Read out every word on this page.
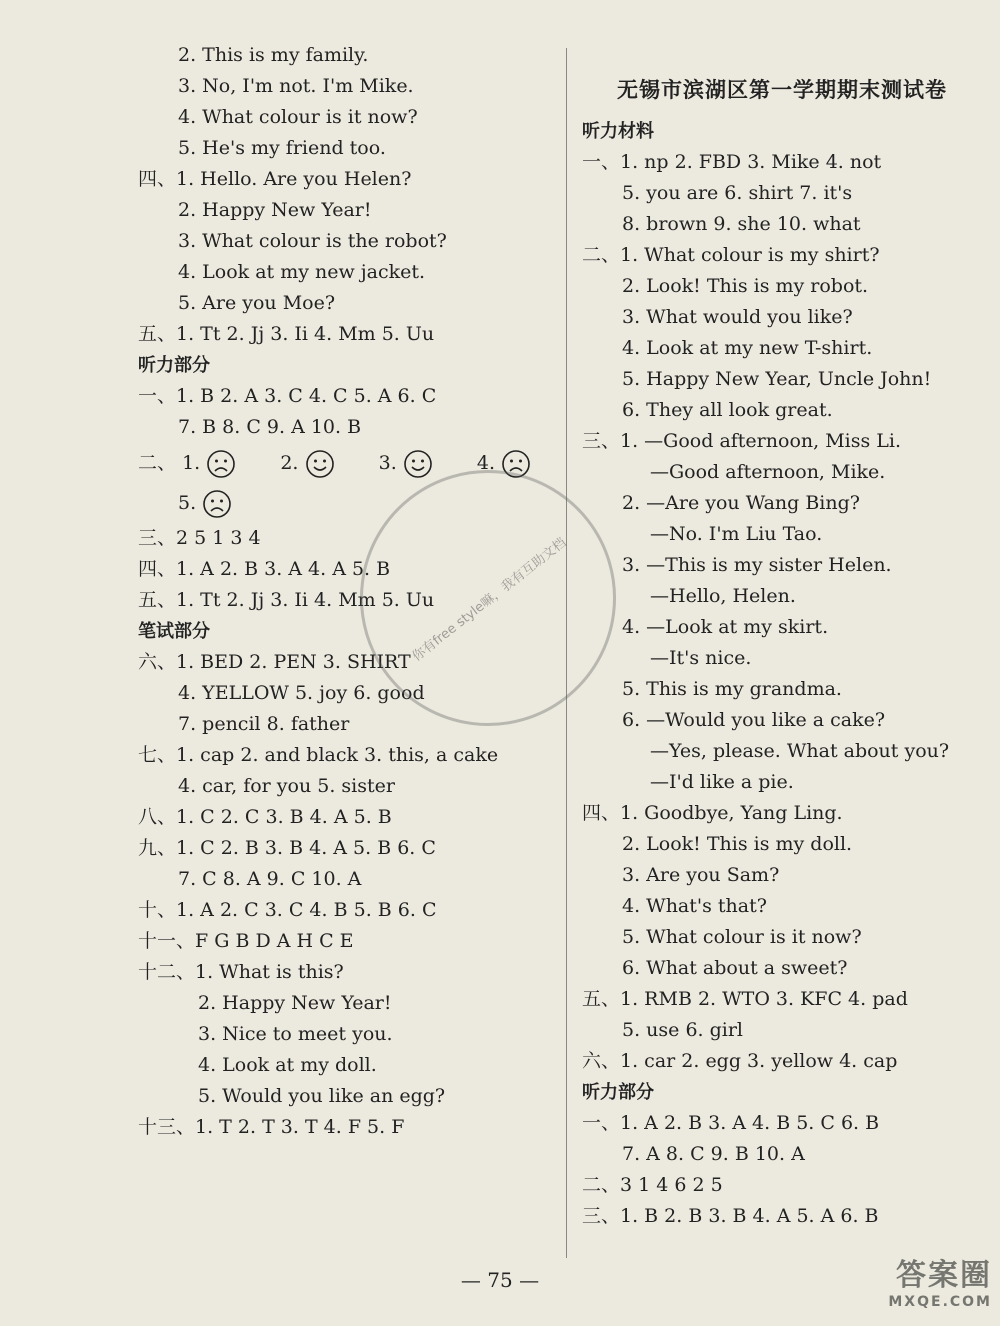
2. This is my family.
3. No, I'm not. I'm Mike.
4. What colour is it now?
5. He's my friend too.
四、1. Hello. Are you Helen?
2. Happy New Year!
3. What colour is the robot?
4. Look at my new jacket.
5. Are you Moe?
五、1. Tt 2. Jj 3. Ii 4. Mm 5. Uu
听力部分
一、1. B 2. A 3. C 4. C 5. A 6. C
7. B 8. C 9. A 10. B
二、 1.	2.	3.	4.
5.
三、2 5 1 3 4
四、1. A 2. B 3. A 4. A 5. B
五、1. Tt 2. Jj 3. Ii 4. Mm 5. Uu
笔试部分
六、1. BED 2. PEN 3. SHIRT
4. YELLOW 5. joy 6. good
7. pencil 8. father
七、1. cap 2. and black 3. this, a cake
4. car, for you 5. sister
八、1. C 2. C 3. B 4. A 5. B
九、1. C 2. B 3. B 4. A 5. B 6. C
7. C 8. A 9. C 10. A
十、1. A 2. C 3. C 4. B 5. B 6. C
十一、F G B D A H C E
十二、1. What is this?
2. Happy New Year!
3. Nice to meet you.
4. Look at my doll.
5. Would you like an egg?
十三、1. T 2. T 3. T 4. F 5. F
无锡市滨湖区第一学期期末测试卷
听力材料
一、1. np 2. FBD 3. Mike 4. not
5. you are 6. shirt 7. it's
8. brown 9. she 10. what
二、1. What colour is my shirt?
2. Look! This is my robot.
3. What would you like?
4. Look at my new T-shirt.
5. Happy New Year, Uncle John!
6. They all look great.
三、1. —Good afternoon, Miss Li.
—Good afternoon, Mike.
2. —Are you Wang Bing?
—No. I'm Liu Tao.
3. —This is my sister Helen.
—Hello, Helen.
4. —Look at my skirt.
—It's nice.
5. This is my grandma.
6. —Would you like a cake?
—Yes, please. What about you?
—I'd like a pie.
四、1. Goodbye, Yang Ling.
2. Look! This is my doll.
3. Are you Sam?
4. What's that?
5. What colour is it now?
6. What about a sweet?
五、1. RMB 2. WTO 3. KFC 4. pad
5. use 6. girl
六、1. car 2. egg 3. yellow 4. cap
听力部分
一、1. A 2. B 3. A 4. B 5. C 6. B
7. A 8. C 9. B 10. A
二、3 1 4 6 2 5
三、1. B 2. B 3. B 4. A 5. A 6. B
你有free style嘛，我有互助文档
— 75 —	答案圈
MXQE.COM
